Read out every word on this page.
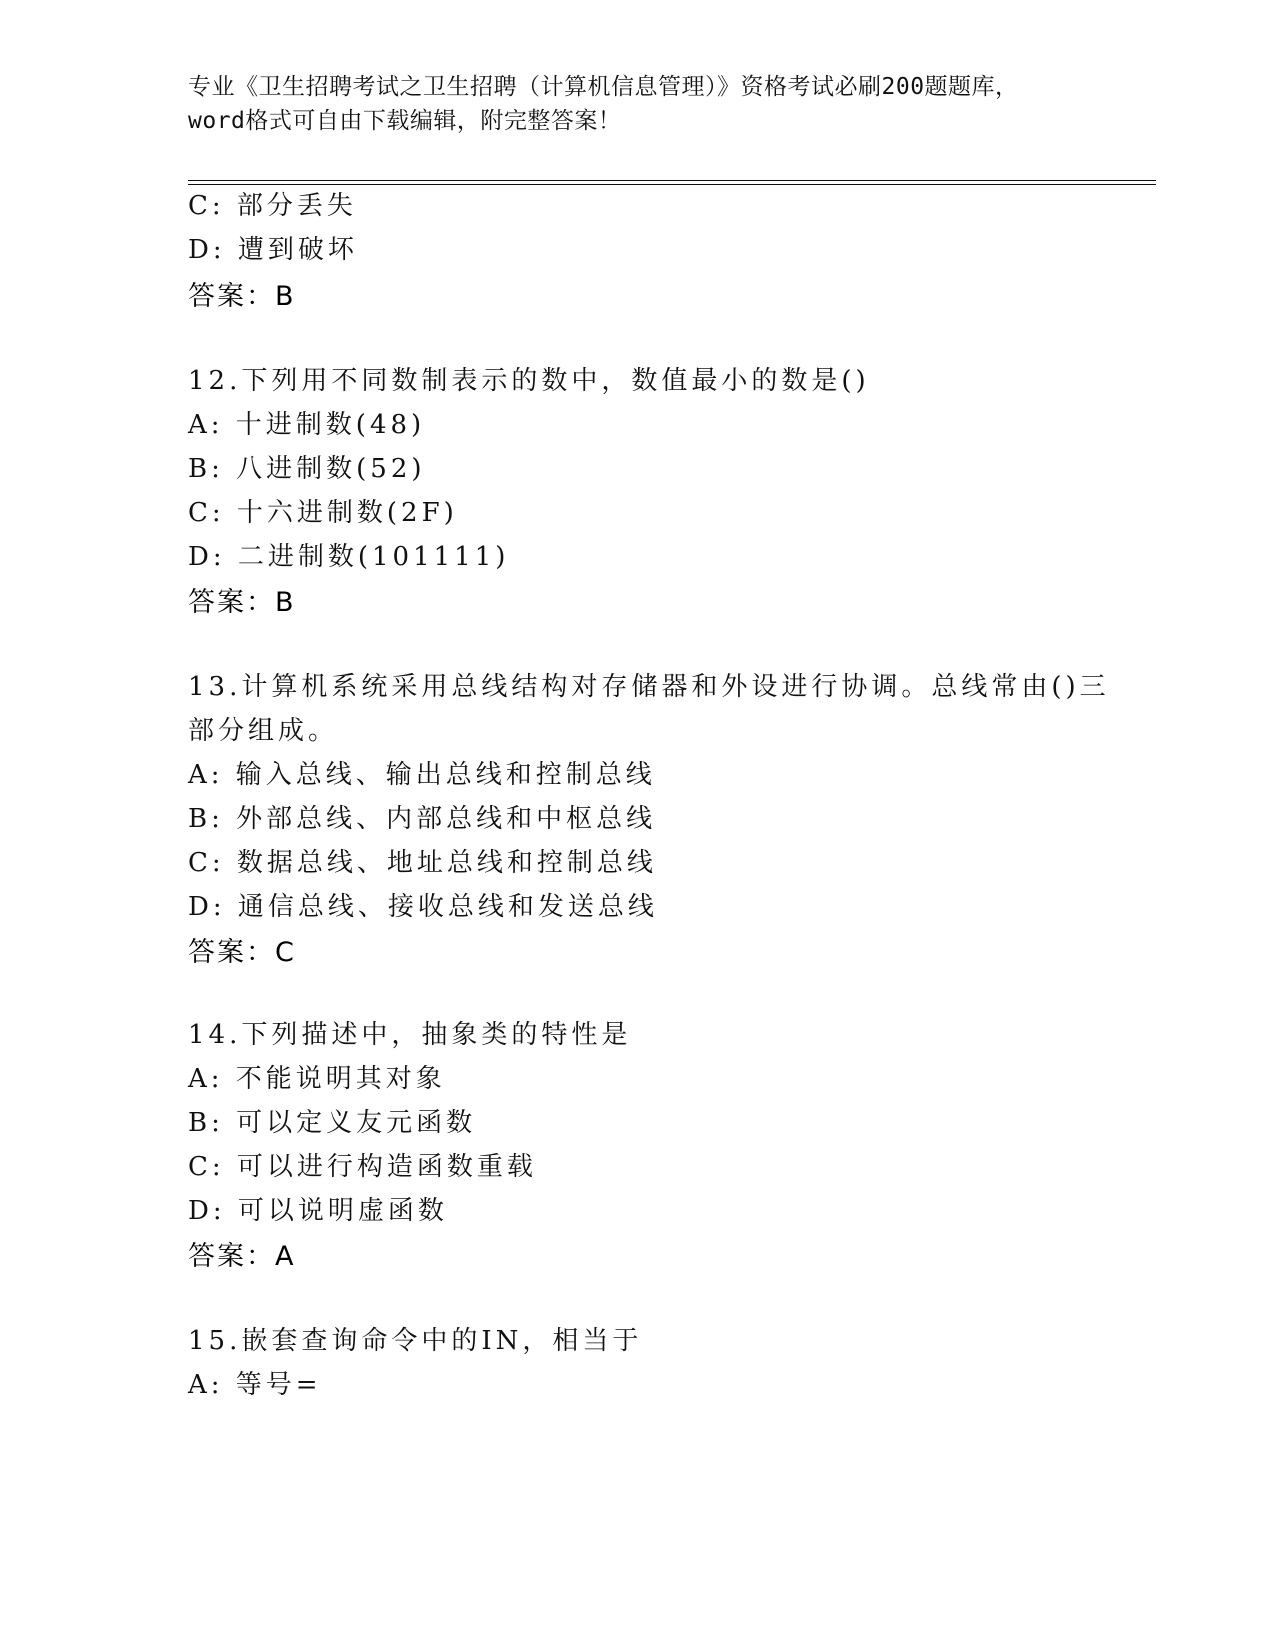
专业《卫生招聘考试之卫生招聘（计算机信息管理）》资格考试必刷200题题库，
word格式可自由下载编辑，附完整答案！
C: 部分丢失
D: 遭到破坏
答案：B
12.下列用不同数制表示的数中，数值最小的数是()
A: 十进制数(48)
B: 八进制数(52)
C: 十六进制数(2F)
D: 二进制数(101111)
答案：B
13.计算机系统采用总线结构对存储器和外设进行协调。总线常由()三
部分组成。
A: 输入总线、输出总线和控制总线
B: 外部总线、内部总线和中枢总线
C: 数据总线、地址总线和控制总线
D: 通信总线、接收总线和发送总线
答案：C
14.下列描述中，抽象类的特性是
A: 不能说明其对象
B: 可以定义友元函数
C: 可以进行构造函数重载
D: 可以说明虚函数
答案：A
15.嵌套查询命令中的IN，相当于
A: 等号=
